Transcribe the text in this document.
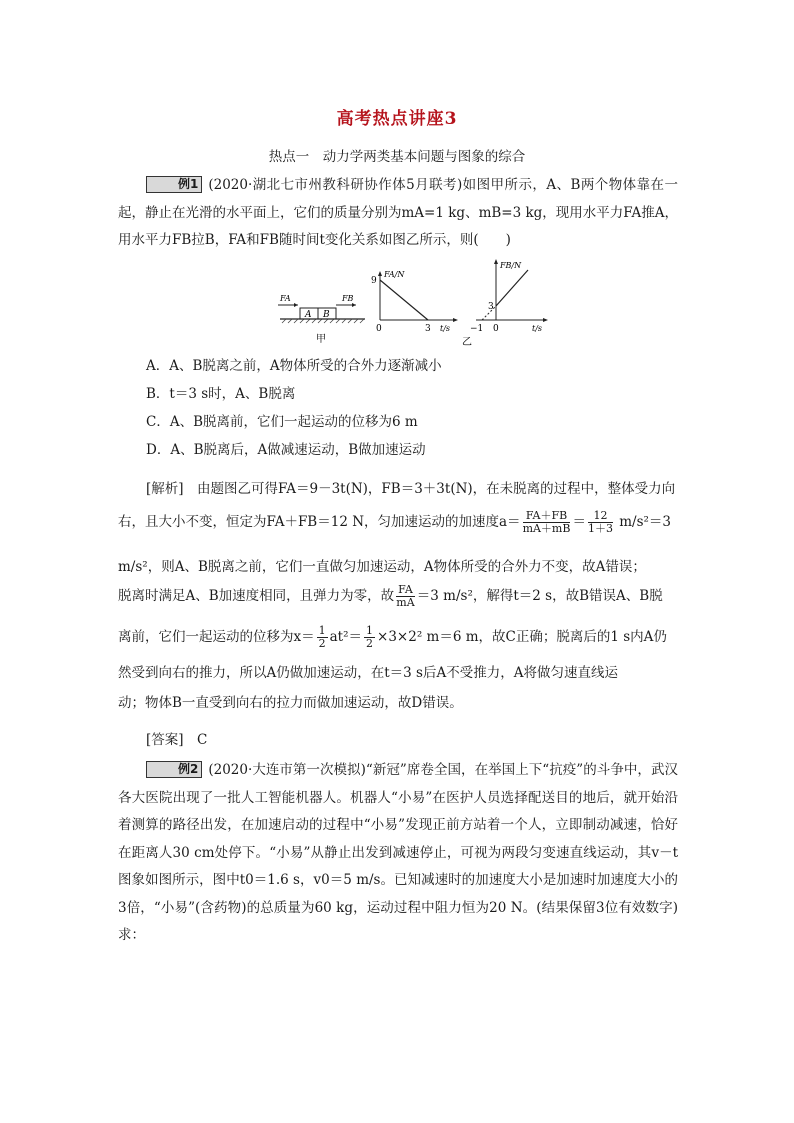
高考热点讲座3
热点一　动力学两类基本问题与图象的综合
例1 (2020·湖北七市州教科研协作体5月联考)如图甲所示，A、B两个物体靠在一起，静止在光滑的水平面上，它们的质量分别为mA=1 kg、mB=3 kg，现用水平力FA推A，用水平力FB拉B，FA和FB随时间t变化关系如图乙所示，则(　　)
A B
FA	FB
甲
FA/N
9
0	3 t/s
FB/N
3
−1 0	t/s
乙
A．A、B脱离之前，A物体所受的合外力逐渐减小
B．t＝3 s时，A、B脱离
C．A、B脱离前，它们一起运动的位移为6 m
D．A、B脱离后，A做减速运动，B做加速运动
[解析]　由题图乙可得FA＝9－3t(N)，FB＝3＋3t(N)，在未脱离的过程中，整体受力向
右，且大小不变，恒定为FA＋FB＝12 N，匀加速运动的加速度$a= \frac{FA+FB}{mA+mB} = \frac{12}{1+3} m/s^2=3$
m/s²，则A、B脱离之前，它们一直做匀加速运动，A物体所受的合外力不变，故A错误；
脱离时满足A、B加速度相同，且弹力为零，故 $\frac{FA}{mA} =3$ m/s²，解得t＝2 s，故B错误A、B脱
离前，它们一起运动的位移为$x= \frac{1}{2} at^2= \frac{1}{2} \times 3\times 2^2$ m＝6 m，故C正确；脱离后的1 s内A仍
然受到向右的推力，所以A仍做加速运动，在t＝3 s后A不受推力，A将做匀速直线运
动；物体B一直受到向右的拉力而做加速运动，故D错误。
[答案]　C
例2 (2020·大连市第一次模拟)“新冠”席卷全国，在举国上下“抗疫”的斗争中，武汉各大医院出现了一批人工智能机器人。机器人“小易”在医护人员选择配送目的地后，就开始沿着测算的路径出发，在加速启动的过程中“小易”发现正前方站着一个人，立即制动减速，恰好在距离人30 cm处停下。“小易”从静止出发到减速停止，可视为两段匀变速直线运动，其v－t图象如图所示，图中t0＝1.6 s，v0＝5 m/s。已知减速时的加速度大小是加速时加速度大小的3倍，“小易”(含药物)的总质量为60 kg，运动过程中阻力恒为20 N。(结果保留3位有效数字)求：
